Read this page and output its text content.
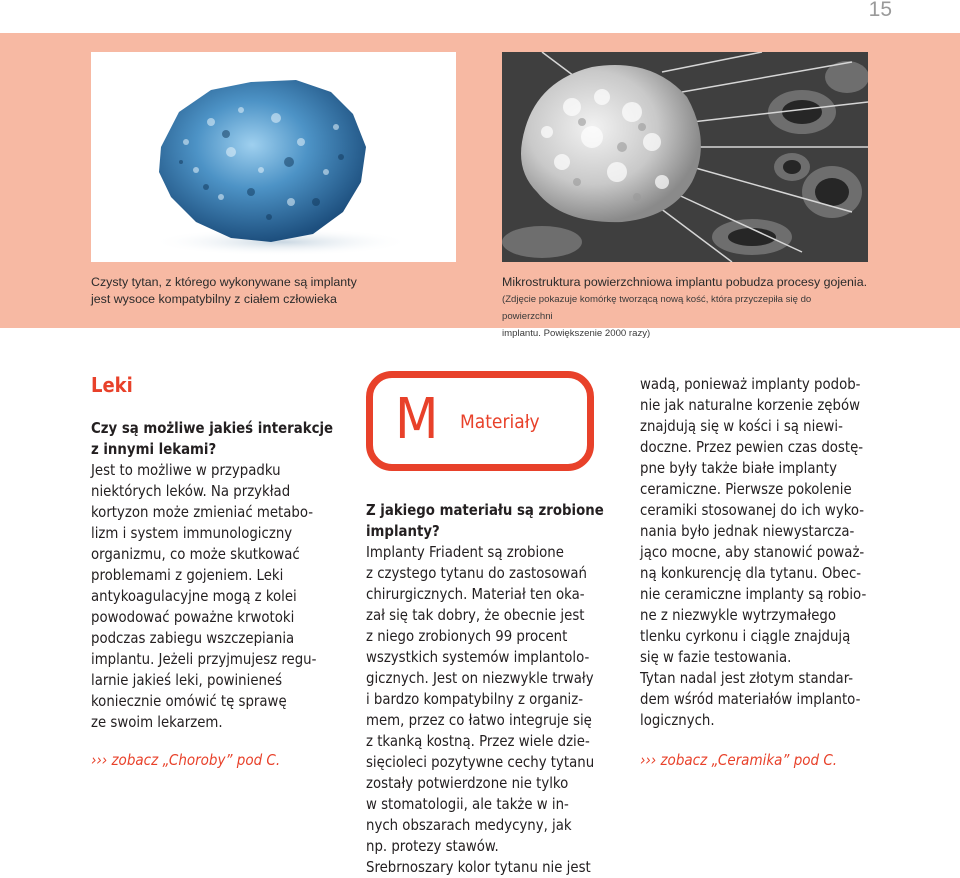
15

Czysty tytan, z którego wykonywane są implanty
jest wysoce kompatybilny z ciałem człowieka

Mikrostruktura powierzchniowa implantu pobudza procesy gojenia.

(Zdjęcie pokazuje komórkę tworzącą nową kość, która przyczepiła się do powierzchni
implantu. Powiększenie 2000 razy)

Leki

Czy są możliwe jakieś interakcje
z innymi lekami?

Jest to możliwe w przypadku
niektórych leków. Na przykład
kortyzon może zmieniać metabo-
lizm i system immunologiczny
organizmu, co może skutkować
problemami z gojeniem. Leki
antykoagulacyjne mogą z kolei
powodować poważne krwotoki
podczas zabiegu wszczepiania
implantu. Jeżeli przyjmujesz regu-
larnie jakieś leki, powinieneś
koniecznie omówić tę sprawę
ze swoim lekarzem.

››› zobacz „Choroby” pod C.
M Materiały

Z jakiego materiału są zrobione
implanty?

Implanty Friadent są zrobione
z czystego tytanu do zastosowań
chirurgicznych. Materiał ten oka-
zał się tak dobry, że obecnie jest
z niego zrobionych 99 procent
wszystkich systemów implantolo-
gicznych. Jest on niezwykle trwały
i bardzo kompatybilny z organiz-
mem, przez co łatwo integruje się
z tkanką kostną. Przez wiele dzie-
sięcioleci pozytywne cechy tytanu
zostały potwierdzone nie tylko
w stomatologii, ale także w in-
nych obszarach medycyny, jak
np. protezy stawów.
Srebrnoszary kolor tytanu nie jest

wadą, ponieważ implanty podob-
nie jak naturalne korzenie zębów
znajdują się w kości i są niewi-
doczne. Przez pewien czas dostę-
pne były także białe implanty
ceramiczne. Pierwsze pokolenie
ceramiki stosowanej do ich wyko-
nania było jednak niewystarcza-
jąco mocne, aby stanowić poważ-
ną konkurencję dla tytanu. Obec-
nie ceramiczne implanty są robio-
ne z niezwykle wytrzymałego
tlenku cyrkonu i ciągle znajdują
się w fazie testowania.
Tytan nadal jest złotym standar-
dem wśród materiałów implanto-
logicznych.

››› zobacz „Ceramika” pod C.
